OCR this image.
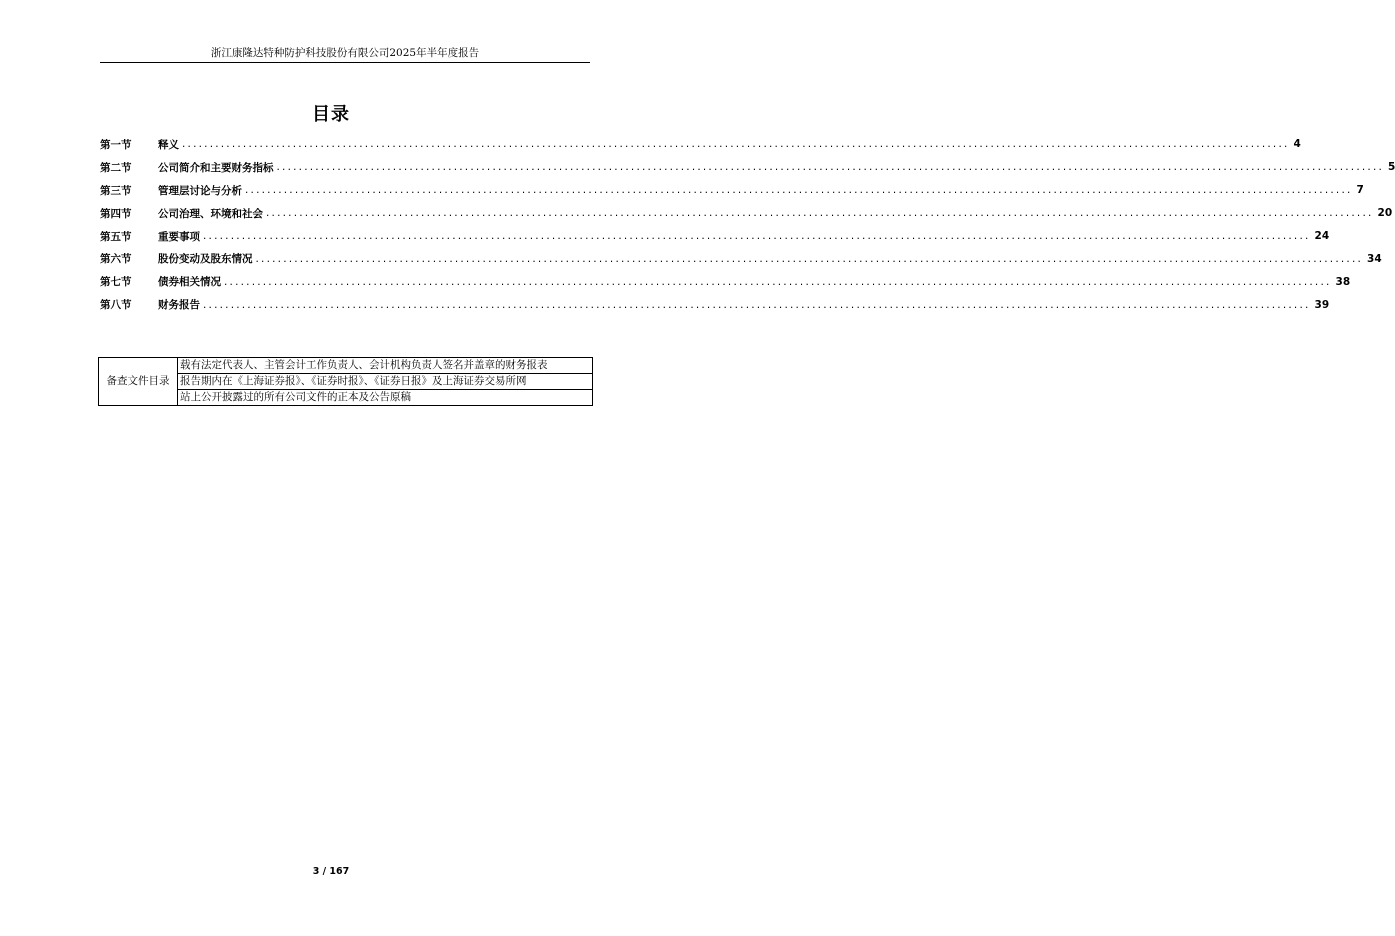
浙江康隆达特种防护科技股份有限公司2025年半年度报告
目录
第一节	释义 ........................................................................................................................................................................................................ 4
第二节	公司简介和主要财务指标 ........................................................................................................................................................................................................ 5
第三节	管理层讨论与分析 ........................................................................................................................................................................................................ 7
第四节	公司治理、环境和社会 ........................................................................................................................................................................................................ 20
第五节	重要事项 ........................................................................................................................................................................................................ 24
第六节	股份变动及股东情况 ........................................................................................................................................................................................................ 34
第七节	债券相关情况 ........................................................................................................................................................................................................ 38
第八节	财务报告 ........................................................................................................................................................................................................ 39
备查文件目录	载有法定代表人、主管会计工作负责人、会计机构负责人签名并盖章的财务报表
报告期内在《上海证券报》、《证券时报》、《证券日报》及上海证券交易所网
站上公开披露过的所有公司文件的正本及公告原稿
3 / 167
